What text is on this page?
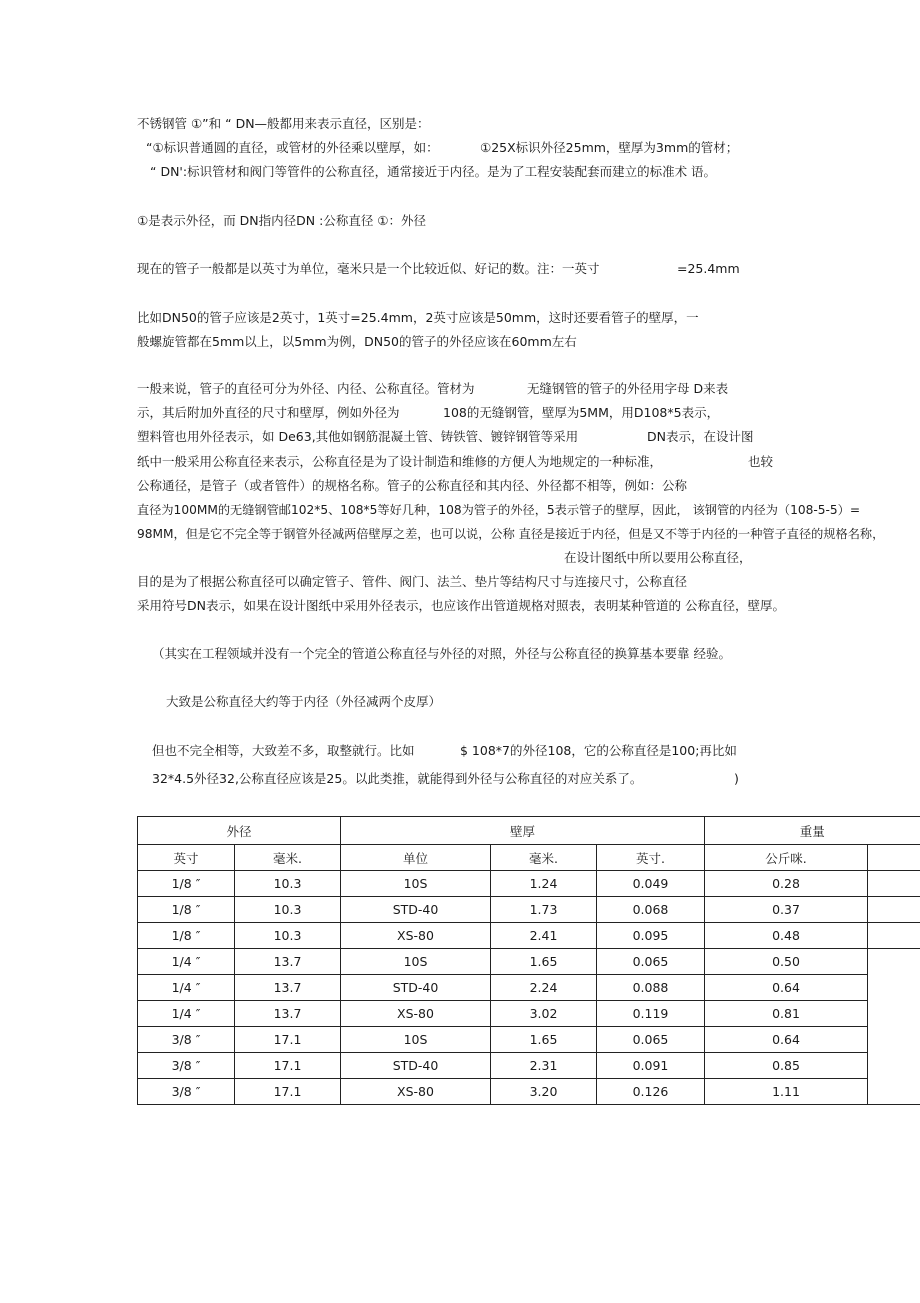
不锈钢管 ①”和 “ DN—般都用来表示直径，区别是：
“①标识普通圆的直径，或管材的外径乘以壁厚，如：	①25Ⅹ标识外径25mm，壁厚为3mm的管材；
“ DN':标识管材和阀门等管件的公称直径，通常接近于内径。是为了工程安装配套而建立的标准术 语。
①是表示外径，而 DN指内径DN :公称直径 ①：外径
现在的管子一般都是以英寸为单位，毫米只是一个比较近似、好记的数。注：一英寸	=25.4mm
比如DN50的管子应该是2英寸，1英寸=25.4mm，2英寸应该是50mm，这时还要看管子的壁厚，一
般螺旋管都在5mm以上，以5mm为例，DN50的管子的外径应该在60mm左右
一般来说，管子的直径可分为外径、内径、公称直径。管材为	无缝钢管的管子的外径用字母 D来表
示，其后附加外直径的尺寸和壁厚，例如外径为	108的无缝钢管，壁厚为5MM，用D108*5表示，
塑料管也用外径表示，如 De63,其他如钢筋混凝土管、铸铁管、镀锌钢管等采用	DN表示，在设计图
纸中一般采用公称直径来表示，公称直径是为了设计制造和维修的方便人为地规定的一种标准，	也较
公称通径，是管子（或者管件）的规格名称。管子的公称直径和其内径、外径都不相等，例如：公称
直径为100MM的无缝钢管邮102*5、108*5等好几种，108为管子的外径，5表示管子的壁厚，因此， 该钢管的内径为（108-5-5）=
98MM，但是它不完全等于钢管外径减两倍壁厚之差，也可以说，公称 直径是接近于内径，但是又不等于内径的一种管子直径的规格名称，
在设计图纸中所以要用公称直径，
目的是为了根据公称直径可以确定管子、管件、阀门、法兰、垫片等结构尺寸与连接尺寸，公称直径
采用符号DN表示，如果在设计图纸中采用外径表示，也应该作出管道规格对照表，表明某种管道的 公称直径，壁厚。
（其实在工程领域并没有一个完全的管道公称直径与外径的对照，外径与公称直径的换算基本要靠 经验。
大致是公称直径大约等于内径（外径减两个皮厚）
但也不完全相等，大致差不多，取整就行。比如	$ 108*7的外径108，它的公称直径是100;再比如
32*4.5外径32,公称直径应该是25。以此类推，就能得到外径与公称直径的对应关系了。	)
外径		壁厚			重量	
英寸	毫米.	单位	毫米.	英寸.	公斤咪.	
1/8 ″	10.3	10S	1.24	0.049	0.28	
1/8 ″	10.3	STD-40	1.73	0.068	0.37	
1/8 ″	10.3	XS-80	2.41	0.095	0.48	
1/4 ″	13.7	10S	1.65	0.065	0.50	
1/4 ″	13.7	STD-40	2.24	0.088	0.64	
1/4 ″	13.7	XS-80	3.02	0.119	0.81	
3/8 ″	17.1	10S	1.65	0.065	0.64	
3/8 ″	17.1	STD-40	2.31	0.091	0.85	
3/8 ″	17.1	XS-80	3.20	0.126	1.11	
